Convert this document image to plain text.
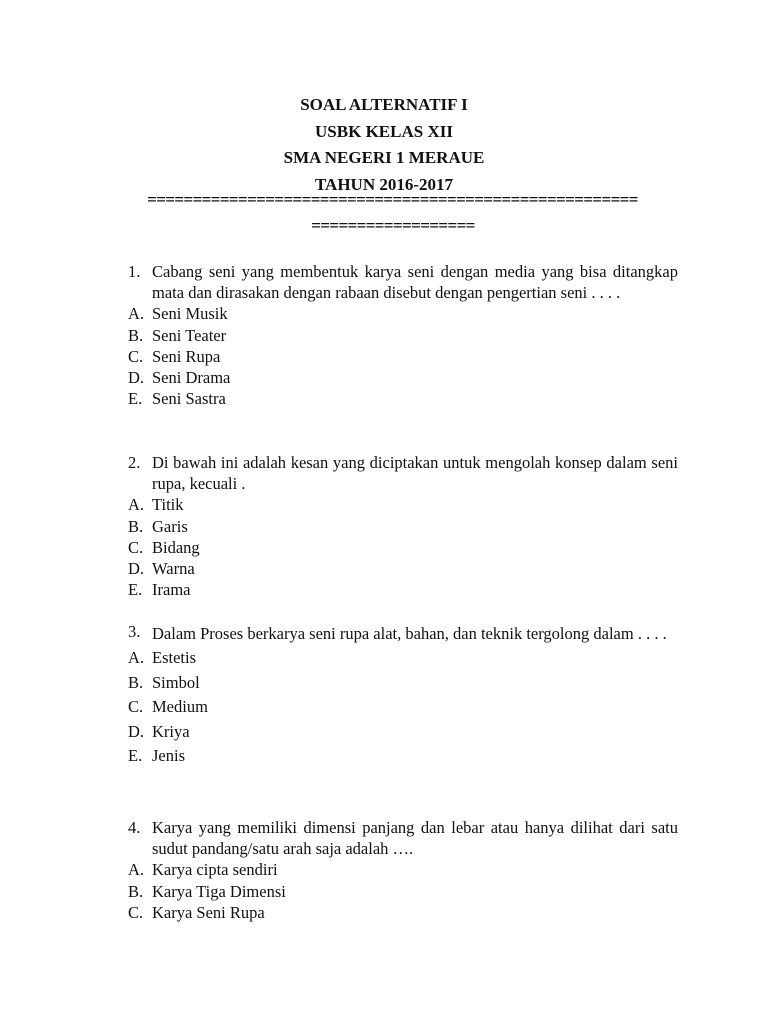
SOAL ALTERNATIF I
USBK KELAS XII
SMA NEGERI 1 MERAUE
TAHUN 2016-2017
======================================================
==================
1. Cabang seni yang membentuk karya seni dengan media yang bisa ditangkap mata dan dirasakan dengan rabaan disebut dengan pengertian seni . . . .
A. Seni Musik
B. Seni Teater
C. Seni Rupa
D. Seni Drama
E. Seni Sastra
2. Di bawah ini adalah kesan yang diciptakan untuk mengolah konsep dalam seni rupa, kecuali .
A. Titik
B. Garis
C. Bidang
D. Warna
E. Irama
3. Dalam Proses berkarya seni rupa alat, bahan, dan teknik tergolong dalam . . . .
A. Estetis
B. Simbol
C. Medium
D. Kriya
E. Jenis
4. Karya yang memiliki dimensi panjang dan lebar atau hanya dilihat dari satu sudut pandang/satu arah saja adalah ….
A. Karya cipta sendiri
B. Karya Tiga Dimensi
C. Karya Seni Rupa
